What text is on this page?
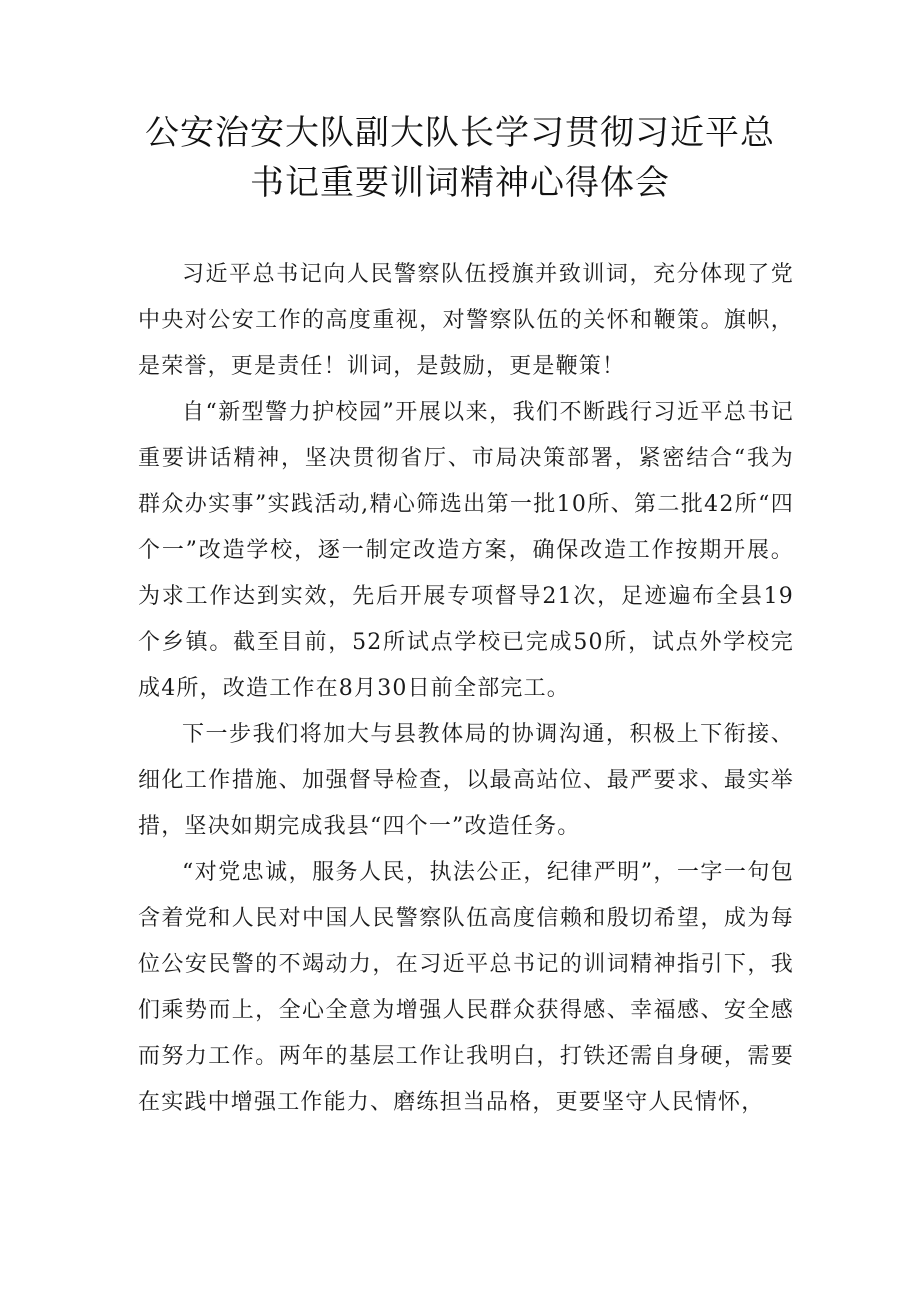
公安治安大队副大队长学习贯彻习近平总
书记重要训词精神心得体会

习近平总书记向人民警察队伍授旗并致训词，充分体现了党中央对公安工作的高度重视，对警察队伍的关怀和鞭策。旗帜，是荣誉，更是责任！训词，是鼓励，更是鞭策！

自“新型警力护校园”开展以来，我们不断践行习近平总书记重要讲话精神，坚决贯彻省厅、市局决策部署，紧密结合“我为群众办实事”实践活动,精心筛选出第一批10所、第二批42所“四个一”改造学校，逐一制定改造方案，确保改造工作按期开展。为求工作达到实效，先后开展专项督导21次，足迹遍布全县19个乡镇。截至目前，52所试点学校已完成50所，试点外学校完成4所，改造工作在8月30日前全部完工。

下一步我们将加大与县教体局的协调沟通，积极上下衔接、细化工作措施、加强督导检查，以最高站位、最严要求、最实举措，坚决如期完成我县“四个一”改造任务。

“对党忠诚，服务人民，执法公正，纪律严明”，一字一句包含着党和人民对中国人民警察队伍高度信赖和殷切希望，成为每位公安民警的不竭动力，在习近平总书记的训词精神指引下，我们乘势而上，全心全意为增强人民群众获得感、幸福感、安全感而努力工作。两年的基层工作让我明白，打铁还需自身硬，需要在实践中增强工作能力、磨练担当品格，更要坚守人民情怀，
